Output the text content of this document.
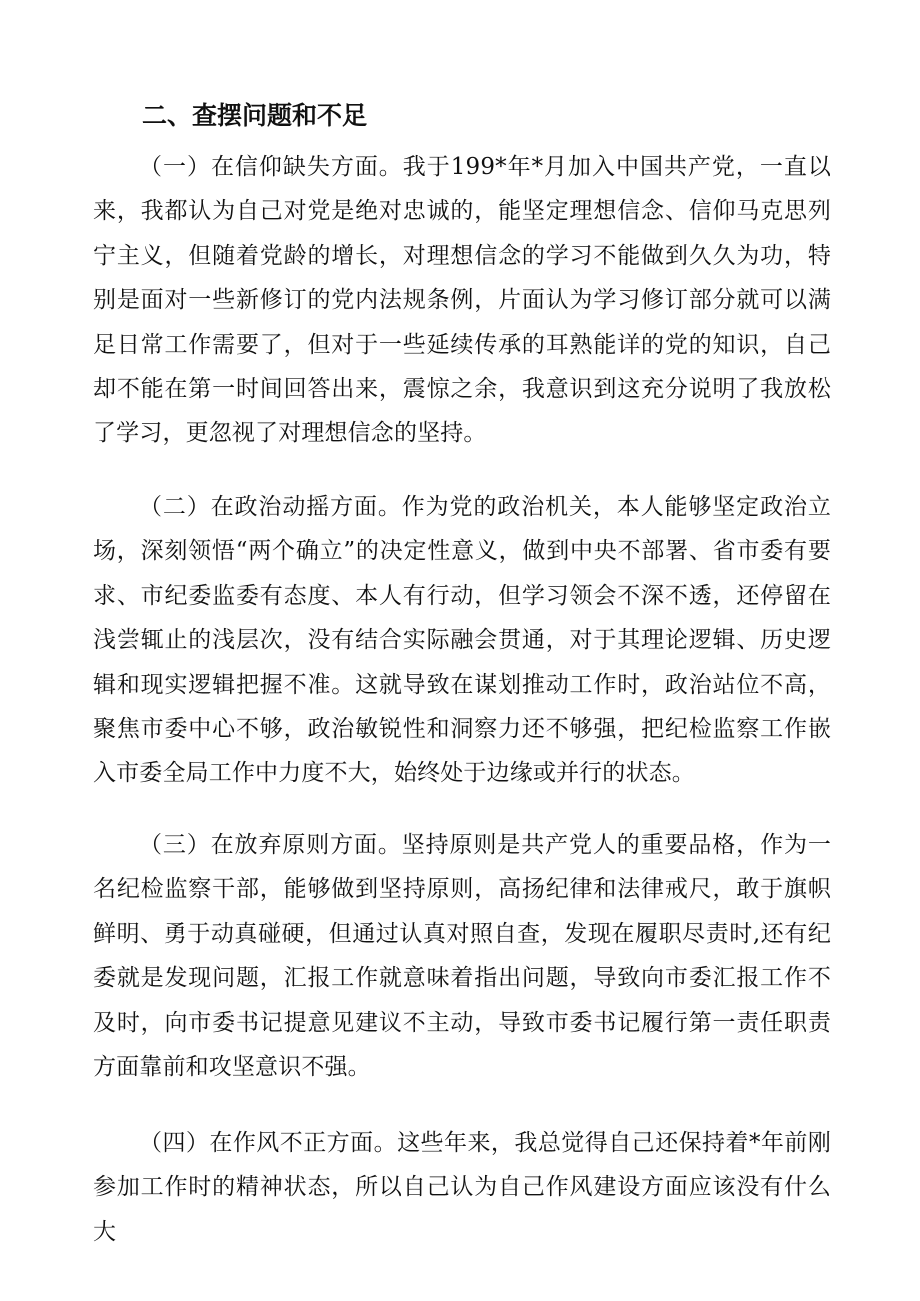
二、查摆问题和不足

（一）在信仰缺失方面。我于199*年*月加入中国共产党，一直以来，我都认为自己对党是绝对忠诚的，能坚定理想信念、信仰马克思列宁主义，但随着党龄的增长，对理想信念的学习不能做到久久为功，特别是面对一些新修订的党内法规条例，片面认为学习修订部分就可以满足日常工作需要了，但对于一些延续传承的耳熟能详的党的知识，自己却不能在第一时间回答出来，震惊之余，我意识到这充分说明了我放松了学习，更忽视了对理想信念的坚持。

（二）在政治动摇方面。作为党的政治机关，本人能够坚定政治立场，深刻领悟“两个确立”的决定性意义，做到中央不部署、省市委有要求、市纪委监委有态度、本人有行动，但学习领会不深不透，还停留在浅尝辄止的浅层次，没有结合实际融会贯通，对于其理论逻辑、历史逻辑和现实逻辑把握不准。这就导致在谋划推动工作时，政治站位不高，聚焦市委中心不够，政治敏锐性和洞察力还不够强，把纪检监察工作嵌入市委全局工作中力度不大，始终处于边缘或并行的状态。

（三）在放弃原则方面。坚持原则是共产党人的重要品格，作为一名纪检监察干部，能够做到坚持原则，高扬纪律和法律戒尺，敢于旗帜鲜明、勇于动真碰硬，但通过认真对照自查，发现在履职尽责时,还有纪委就是发现问题，汇报工作就意味着指出问题，导致向市委汇报工作不及时，向市委书记提意见建议不主动，导致市委书记履行第一责任职责方面靠前和攻坚意识不强。

（四）在作风不正方面。这些年来，我总觉得自己还保持着*年前刚参加工作时的精神状态，所以自己认为自己作风建设方面应该没有什么大
